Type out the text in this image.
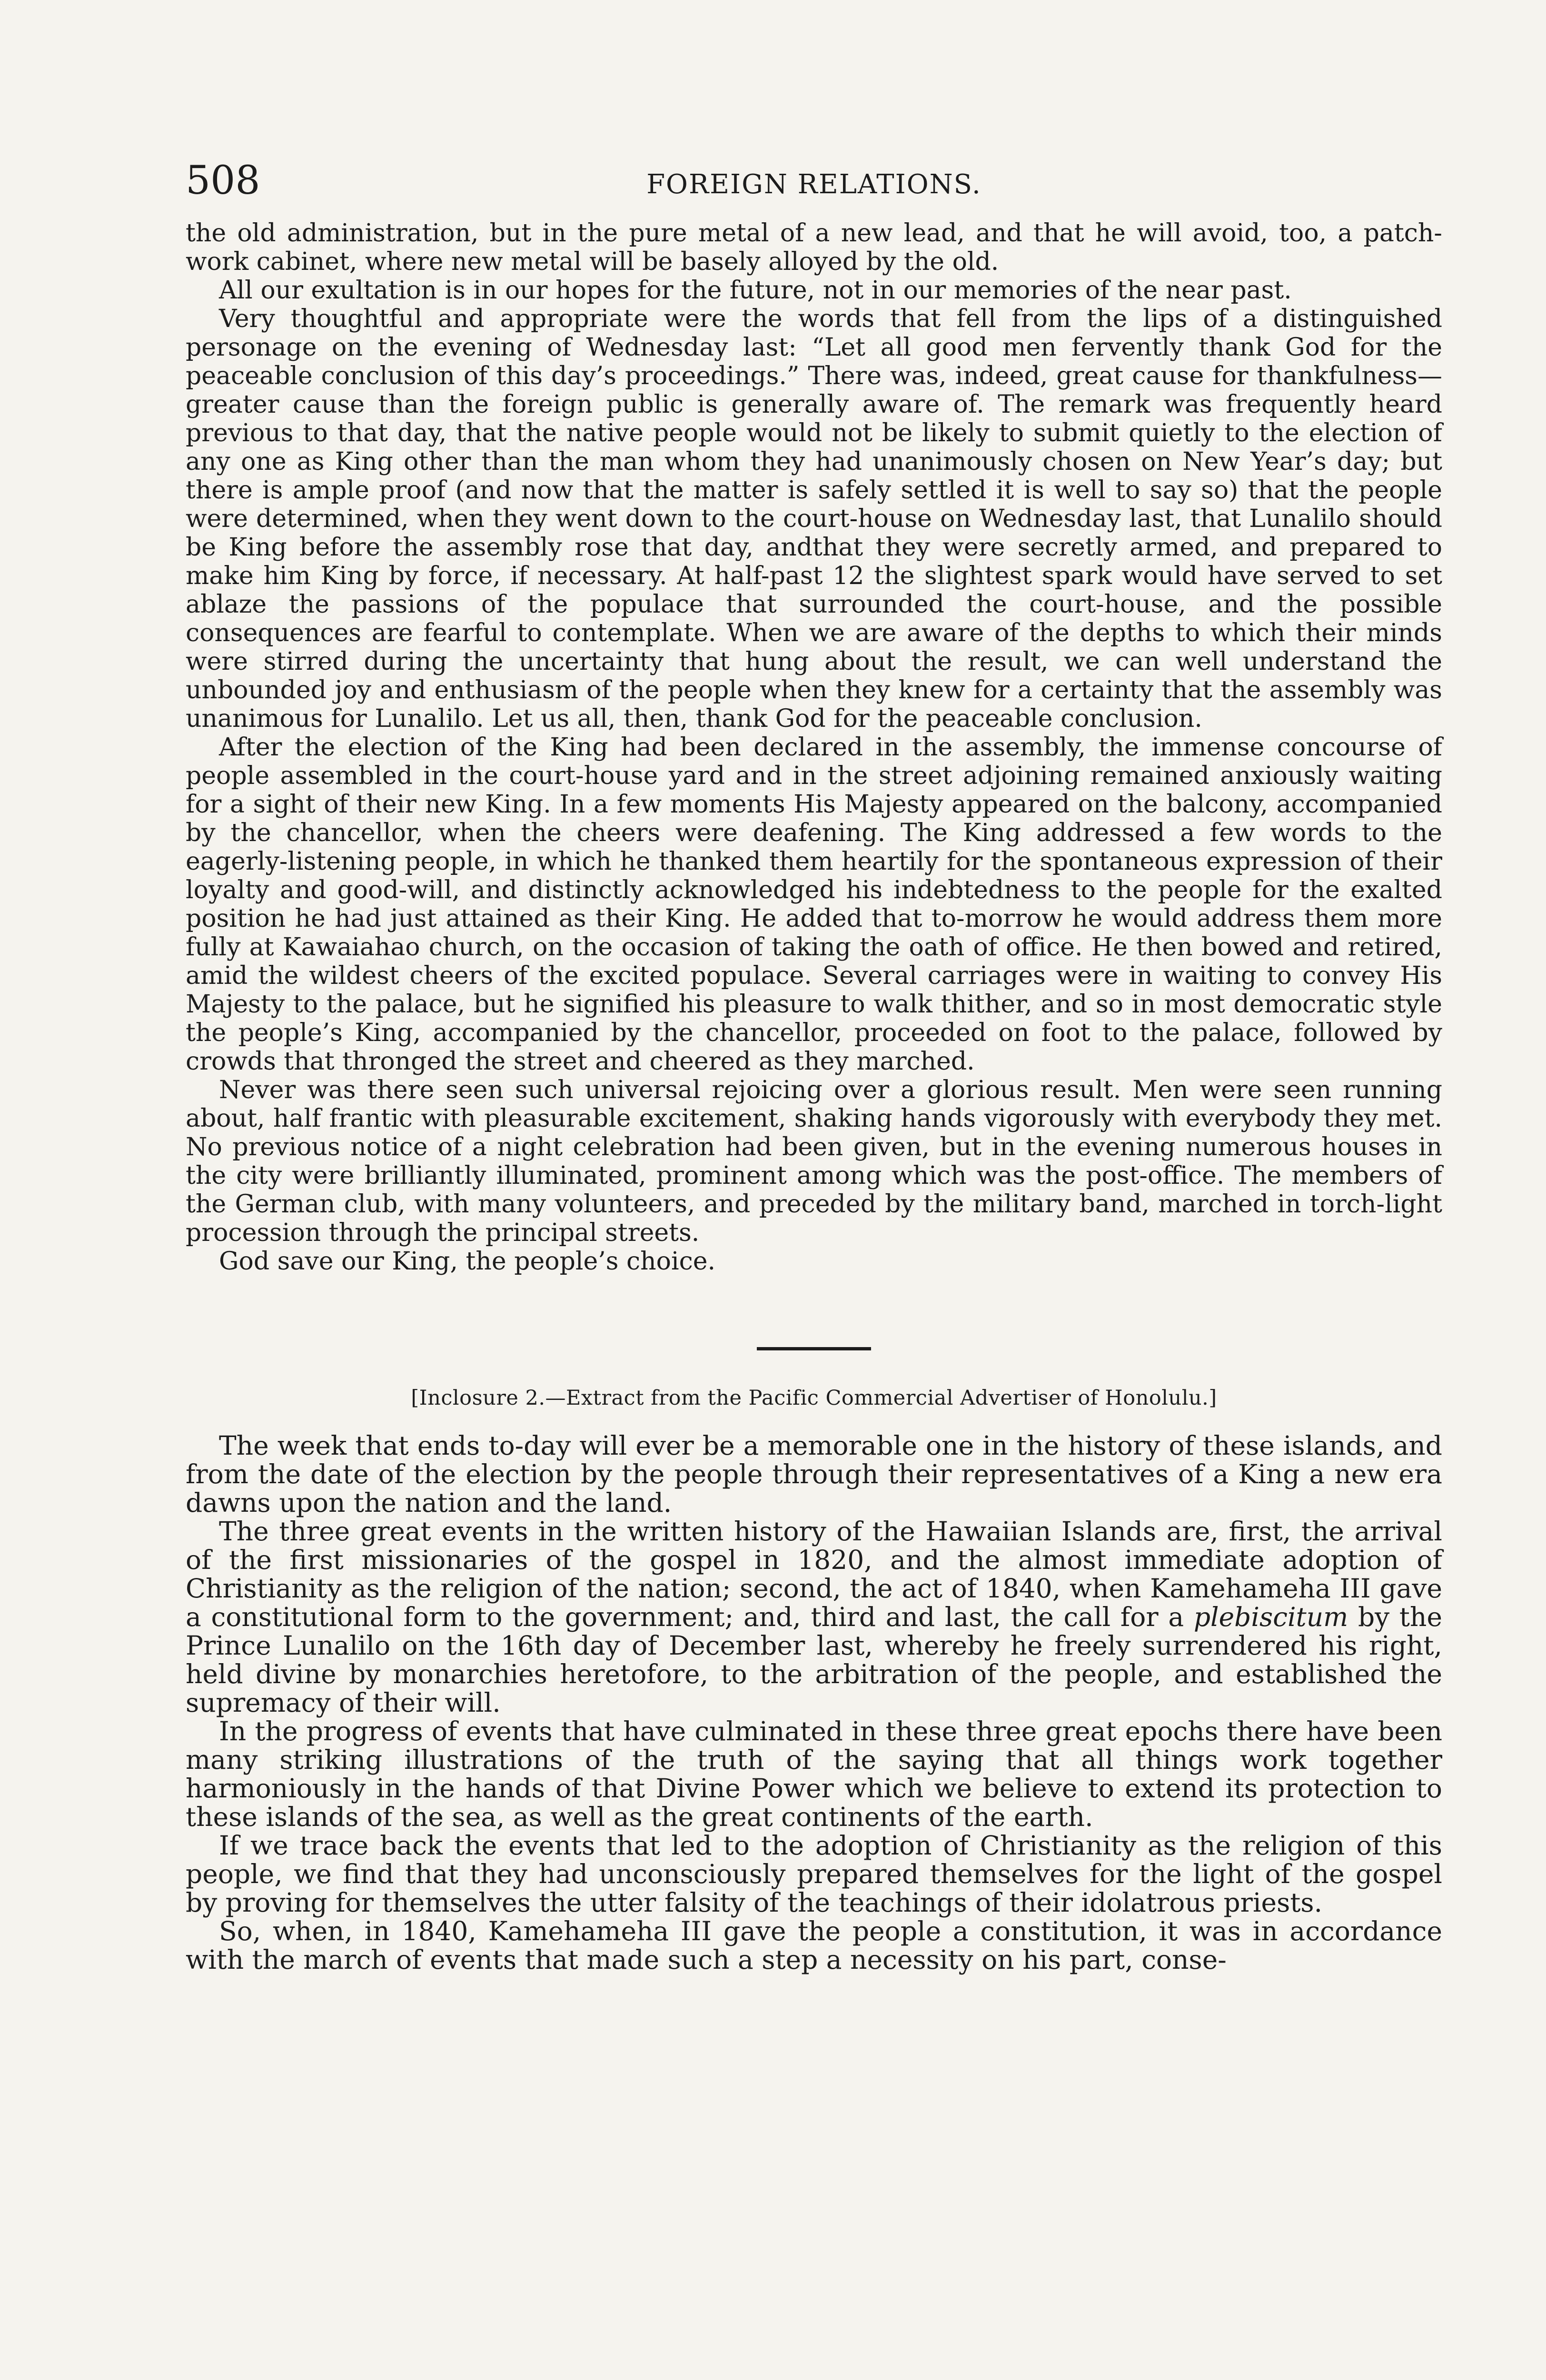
508	FOREIGN RELATIONS.

the old administration, but in the pure metal of a new lead, and that he will avoid, too, a patch-work cabinet, where new metal will be basely alloyed by the old.

All our exultation is in our hopes for the future, not in our memories of the near past.

Very thoughtful and appropriate were the words that fell from the lips of a distinguished personage on the evening of Wednesday last: “Let all good men fervently thank God for the peaceable conclusion of this day’s proceedings.” There was, indeed, great cause for thankfulness—greater cause than the foreign public is generally aware of. The remark was frequently heard previous to that day, that the native people would not be likely to submit quietly to the election of any one as King other than the man whom they had unanimously chosen on New Year’s day; but there is ample proof (and now that the matter is safely settled it is well to say so) that the people were determined, when they went down to the court-house on Wednesday last, that Lunalilo should be King before the assembly rose that day, andthat they were secretly armed, and prepared to make him King by force, if necessary. At half-past 12 the slightest spark would have served to set ablaze the passions of the populace that surrounded the court-house, and the possible consequences are fearful to contemplate. When we are aware of the depths to which their minds were stirred during the uncertainty that hung about the result, we can well understand the unbounded joy and enthusiasm of the people when they knew for a certainty that the assembly was unanimous for Lunalilo. Let us all, then, thank God for the peaceable conclusion.

After the election of the King had been declared in the assembly, the immense concourse of people assembled in the court-house yard and in the street adjoining remained anxiously waiting for a sight of their new King. In a few moments His Majesty appeared on the balcony, accompanied by the chancellor, when the cheers were deafening. The King addressed a few words to the eagerly-listening people, in which he thanked them heartily for the spontaneous expression of their loyalty and good-will, and distinctly acknowledged his indebtedness to the people for the exalted position he had just attained as their King. He added that to-morrow he would address them more fully at Kawaiahao church, on the occasion of taking the oath of office. He then bowed and retired, amid the wildest cheers of the excited populace. Several carriages were in waiting to convey His Majesty to the palace, but he signified his pleasure to walk thither, and so in most democratic style the people’s King, accompanied by the chancellor, proceeded on foot to the palace, followed by crowds that thronged the street and cheered as they marched.

Never was there seen such universal rejoicing over a glorious result. Men were seen running about, half frantic with pleasurable excitement, shaking hands vigorously with everybody they met. No previous notice of a night celebration had been given, but in the evening numerous houses in the city were brilliantly illuminated, prominent among which was the post-office. The members of the German club, with many volunteers, and preceded by the military band, marched in torch-light procession through the principal streets.

God save our King, the people’s choice.

[Inclosure 2.—Extract from the Pacific Commercial Advertiser of Honolulu.]

The week that ends to-day will ever be a memorable one in the history of these islands, and from the date of the election by the people through their representatives of a King a new era dawns upon the nation and the land.

The three great events in the written history of the Hawaiian Islands are, first, the arrival of the first missionaries of the gospel in 1820, and the almost immediate adoption of Christianity as the religion of the nation; second, the act of 1840, when Kamehameha III gave a constitutional form to the government; and, third and last, the call for a plebiscitum by the Prince Lunalilo on the 16th day of December last, whereby he freely surrendered his right, held divine by monarchies heretofore, to the arbitration of the people, and established the supremacy of their will.

In the progress of events that have culminated in these three great epochs there have been many striking illustrations of the truth of the saying that all things work together harmoniously in the hands of that Divine Power which we believe to extend its protection to these islands of the sea, as well as the great continents of the earth.

If we trace back the events that led to the adoption of Christianity as the religion of this people, we find that they had unconsciously prepared themselves for the light of the gospel by proving for themselves the utter falsity of the teachings of their idolatrous priests.

So, when, in 1840, Kamehameha III gave the people a constitution, it was in accordance with the march of events that made such a step a necessity on his part, conse-
